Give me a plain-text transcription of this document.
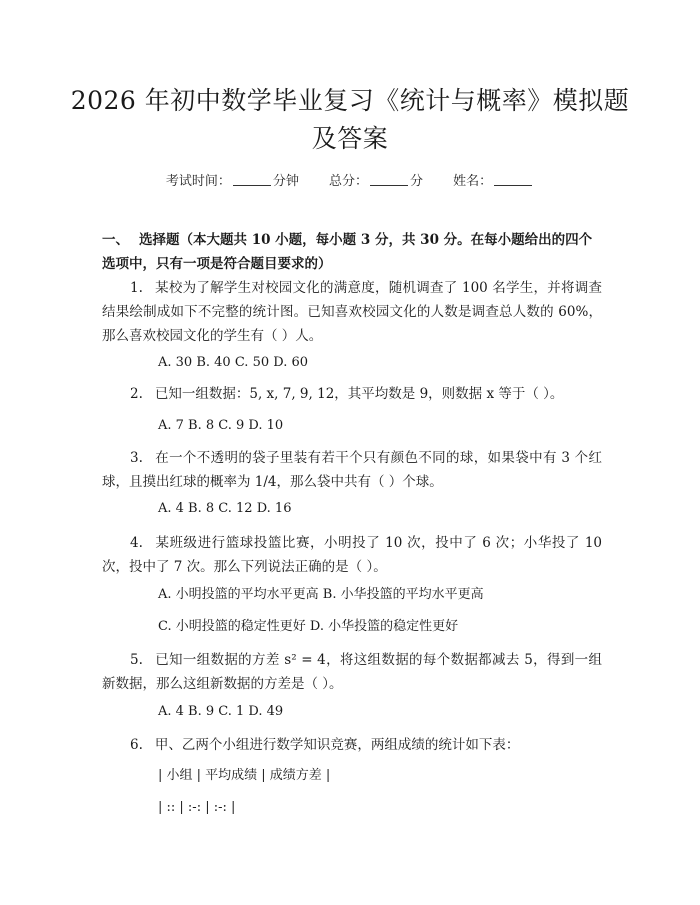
2026 年初中数学毕业复习《统计与概率》模拟题及答案
考试时间：	分钟 总分：	分 姓名：
一、 选择题（本大题共 10 小题，每小题 3 分，共 30 分。在每小题给出的四个选项中，只有一项是符合题目要求的）
1. 某校为了解学生对校园文化的满意度，随机调查了 100 名学生，并将调查结果绘制成如下不完整的统计图。已知喜欢校园文化的人数是调查总人数的 60%，那么喜欢校园文化的学生有（ ）人。
A. 30 B. 40 C. 50 D. 60
2. 已知一组数据：5, x, 7, 9, 12，其平均数是 9，则数据 x 等于（ ）。
A. 7 B. 8 C. 9 D. 10
3. 在一个不透明的袋子里装有若干个只有颜色不同的球，如果袋中有 3 个红球，且摸出红球的概率为 1/4，那么袋中共有（ ）个球。
A. 4 B. 8 C. 12 D. 16
4. 某班级进行篮球投篮比赛，小明投了 10 次，投中了 6 次；小华投了 10 次，投中了 7 次。那么下列说法正确的是（ ）。
A. 小明投篮的平均水平更高 B. 小华投篮的平均水平更高
C. 小明投篮的稳定性更好 D. 小华投篮的稳定性更好
5. 已知一组数据的方差 s² = 4，将这组数据的每个数据都减去 5，得到一组新数据，那么这组新数据的方差是（ ）。
A. 4 B. 9 C. 1 D. 49
6. 甲、乙两个小组进行数学知识竞赛，两组成绩的统计如下表：
| 小组 | 平均成绩 | 成绩方差 |
| :: | :-: | :-: |
